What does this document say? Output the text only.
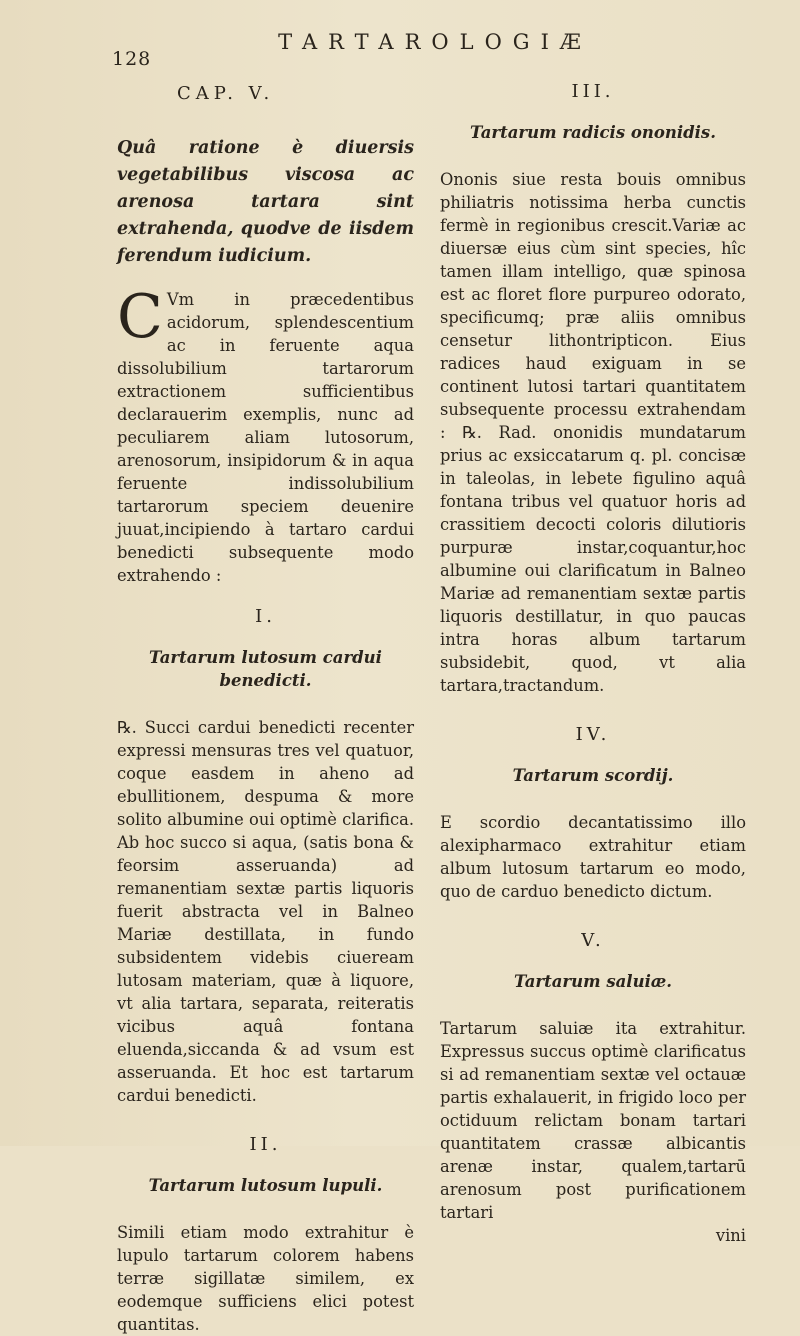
128
TARTAROLOGIÆ
CAP. V.
Quâ ratione è diuersis vegetabilibus viscosa ac arenosa tartara sint extrahenda, quodve de iisdem ferendum iudicium.

C Vm in præcedentibus acidorum, splendescentium ac in feruente aqua dissolubilium tartarorum extractionem sufficientibus declarauerim exemplis, nunc ad peculiarem aliam lutosorum, arenosorum, insipidorum & in aqua feruente indissolubilium tartarorum speciem deuenire juuat,incipiendo à tartaro cardui benedicti subsequente modo extrahendo :

I.
Tartarum lutosum cardui benedicti.

℞. Succi cardui benedicti recenter expressi mensuras tres vel quatuor, coque easdem in aheno ad ebullitionem, despuma & more solito albumine oui optimè clarifica. Ab hoc succo si aqua, (satis bona & feorsim asseruanda) ad remanentiam sextæ partis liquoris fuerit abstracta vel in Balneo Mariæ destillata, in fundo subsidentem videbis ciueream lutosam materiam, quæ à liquore, vt alia tartara, separata, reiteratis vicibus aquâ fontana eluenda,siccanda & ad vsum est asseruanda. Et hoc est tartarum cardui benedicti.

II.
Tartarum lutosum lupuli.

Simili etiam modo extrahitur è lupulo tartarum colorem habens terræ sigillatæ similem, ex eodemque sufficiens elici potest quantitas.

III.
Tartarum radicis ononidis.

Ononis siue resta bouis omnibus philiatris notissima herba cunctis fermè in regionibus crescit.Variæ ac diuersæ eius cùm sint species, hîc tamen illam intelligo, quæ spinosa est ac floret flore purpureo odorato, specificumq; præ aliis omnibus censetur lithontripticon. Eius radices haud exiguam in se continent lutosi tartari quantitatem subsequente processu extrahendam : ℞. Rad. ononidis mundatarum prius ac exsiccatarum q. pl. concisæ in taleolas, in lebete figulino aquâ fontana tribus vel quatuor horis ad crassitiem decocti coloris dilutioris purpuræ instar,coquantur,hoc albumine oui clarificatum in Balneo Mariæ ad remanentiam sextæ partis liquoris destillatur, in quo paucas intra horas album tartarum subsidebit, quod, vt alia tartara,tractandum.

IV.
Tartarum scordij.

E scordio decantatissimo illo alexipharmaco extrahitur etiam album lutosum tartarum eo modo, quo de carduo benedicto dictum.

V.
Tartarum saluiæ.

Tartarum saluiæ ita extrahitur. Expressus succus optimè clarificatus si ad remanentiam sextæ vel octauæ partis exhalauerit, in frigido loco per octiduum relictam bonam tartari quantitatem crassæ albicantis arenæ instar, qualem,tartarū arenosum post purificationem tartari

vini
